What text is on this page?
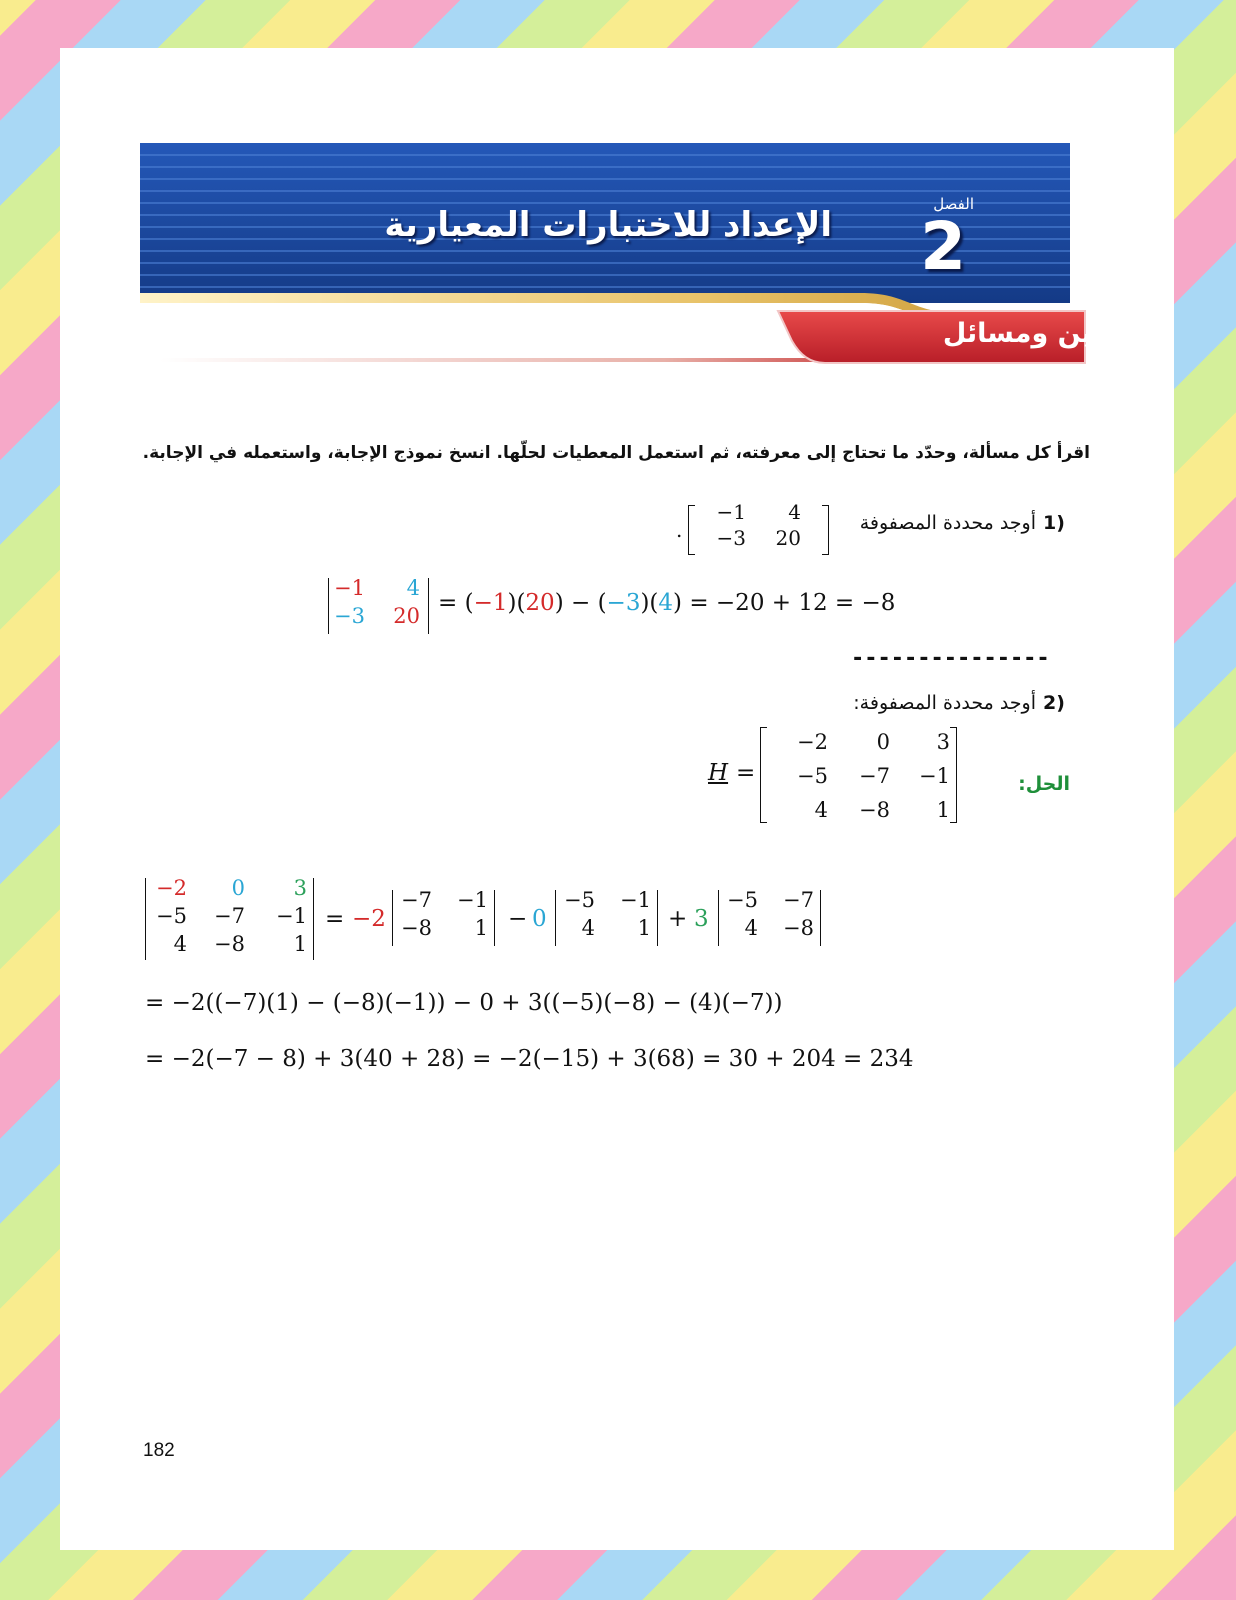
الإعداد للاختبارات المعيارية
الفصل
2
تمارين ومسائل
اقرأ كل مسألة، وحدّد ما تحتاج إلى معرفته، ثم استعمل المعطيات لحلّها. انسخ نموذج الإجابة، واستعمله في الإجابة.
1)
أوجد محددة المصفوفة
−1	4
−3	20
.
−1	4
−3	20 = (−1)(20) − (−3)(4) = −20 + 12 = −8
---------------
2)
أوجد محددة المصفوفة:
H =
−2	0	3
−5	−7	−1
4	−8	1
الحل:
−2	0	3
−5	−7	−1
4	−8	1
= −2
−7	−1
−8	1 − 0
−5	−1
4	1 + 3
−5	−7
4	−8
= −2((−7)(1) − (−8)(−1)) − 0 + 3((−5)(−8) − (4)(−7))
= −2(−7 − 8) + 3(40 + 28) = −2(−15) + 3(68) = 30 + 204 = 234
182
